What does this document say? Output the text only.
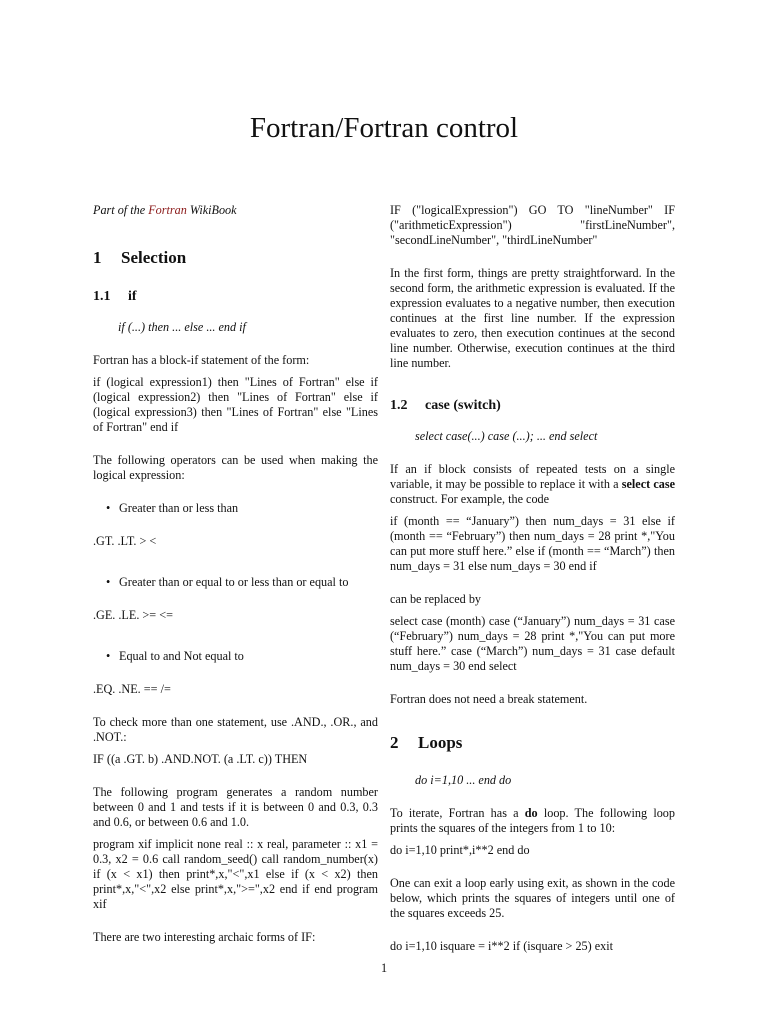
Fortran/Fortran control

Part of the Fortran WikiBook

1 Selection
1.1 if

if (...) then ... else ... end if

Fortran has a block-if statement of the form:

if (logical expression1) then "Lines of Fortran" else if (logical expression2) then "Lines of Fortran" else if (logical expression3) then "Lines of Fortran" else "Lines of Fortran" end if

The following operators can be used when making the logical expression:

• Greater than or less than

.GT. .LT. > <

• Greater than or equal to or less than or equal to

.GE. .LE. >= <=

• Equal to and Not equal to

.EQ. .NE. == /=

To check more than one statement, use .AND., .OR., and .NOT.:

IF ((a .GT. b) .AND.NOT. (a .LT. c)) THEN

The following program generates a random number between 0 and 1 and tests if it is between 0 and 0.3, 0.3 and 0.6, or between 0.6 and 1.0.

program xif implicit none real :: x real, parameter :: x1 = 0.3, x2 = 0.6 call random_seed() call random_number(x) if (x < x1) then print*,x,"<",x1 else if (x < x2) then print*,x,"<",x2 else print*,x,">=",x2 end if end program xif

There are two interesting archaic forms of IF:

IF ("logicalExpression") GO TO "lineNumber" IF ("arithmeticExpression") "firstLineNumber", "secondLineNumber", "thirdLineNumber"

In the first form, things are pretty straightforward. In the second form, the arithmetic expression is evaluated. If the expression evaluates to a negative number, then execution continues at the first line number. If the expression evaluates to zero, then execution continues at the second line number. Otherwise, execution continues at the third line number.

1.2 case (switch)

select case(...) case (...); ... end select

If an if block consists of repeated tests on a single variable, it may be possible to replace it with a select case construct. For example, the code

if (month == “January”) then num_days = 31 else if (month == “February”) then num_days = 28 print *,"You can put more stuff here.” else if (month == “March”) then num_days = 31 else num_days = 30 end if

can be replaced by

select case (month) case (“January”) num_days = 31 case (“February”) num_days = 28 print *,"You can put more stuff here.” case (“March”) num_days = 31 case default num_days = 30 end select

Fortran does not need a break statement.

2 Loops

do i=1,10 ... end do

To iterate, Fortran has a do loop. The following loop prints the squares of the integers from 1 to 10:

do i=1,10 print*,i**2 end do

One can exit a loop early using exit, as shown in the code below, which prints the squares of integers until one of the squares exceeds 25.

do i=1,10 isquare = i**2 if (isquare > 25) exit

1
